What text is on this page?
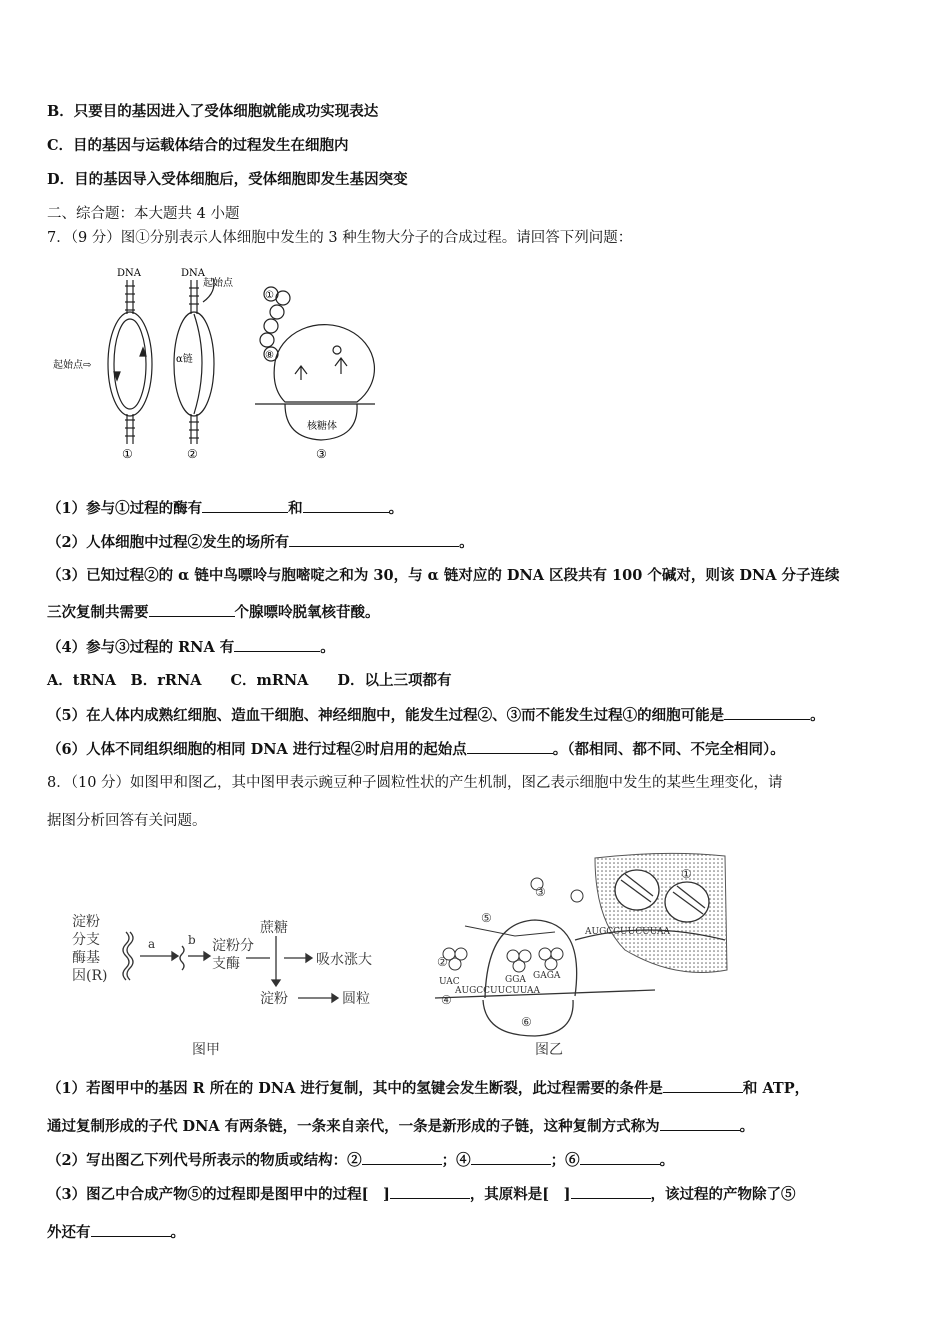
B．只要目的基因进入了受体细胞就能成功实现表达
C．目的基因与运载体结合的过程发生在细胞内
D．目的基因导入受体细胞后，受体细胞即发生基因突变
二、综合题：本大题共 4 小题
7．（9 分）图①分别表示人体细胞中发生的 3 种生物大分子的合成过程。请回答下列问题：
DNA
起始点⇨
①
DNA
起始点
α链
②
①
⑧
核糖体
③
（1）参与①过程的酶有	和	。
（2）人体细胞中过程②发生的场所有	。
（3）已知过程②的 α 链中鸟嘌呤与胞嘧啶之和为 30，与 α 链对应的 DNA 区段共有 100 个碱对，则该 DNA 分子连续
三次复制共需要	个腺嘌呤脱氧核苷酸。
（4）参与③过程的 RNA 有	。
A．tRNA　B．rRNA　　C．mRNA　　D．以上三项都有
（5）在人体内成熟红细胞、造血干细胞、神经细胞中，能发生过程②、③而不能发生过程①的细胞可能是	。
（6）人体不同组织细胞的相同 DNA 进行过程②时启用的起始点	。（都相同、都不同、不完全相同）。
8．（10 分）如图甲和图乙，其中图甲表示豌豆种子圆粒性状的产生机制，图乙表示细胞中发生的某些生理变化，请
据图分析回答有关问题。
淀粉
分支
酶基
因(R)
a	b 淀粉分
支酶
蔗糖
吸水涨大
淀粉	圆粒
图甲
AUGCCUUCUUAA
AUGCCUUCUUAA
UAC	GGA GAGA
①
②
③
④
⑤
⑥
图乙
（1）若图甲中的基因 R 所在的 DNA 进行复制，其中的氢键会发生断裂，此过程需要的条件是	和 ATP，
通过复制形成的子代 DNA 有两条链，一条来自亲代，一条是新形成的子链，这种复制方式称为	。
（2）写出图乙下列代号所表示的物质或结构：②	；④	；⑥	。
（3）图乙中合成产物⑤的过程即是图甲中的过程[　]	，其原料是[　]	，该过程的产物除了⑤
外还有	。
